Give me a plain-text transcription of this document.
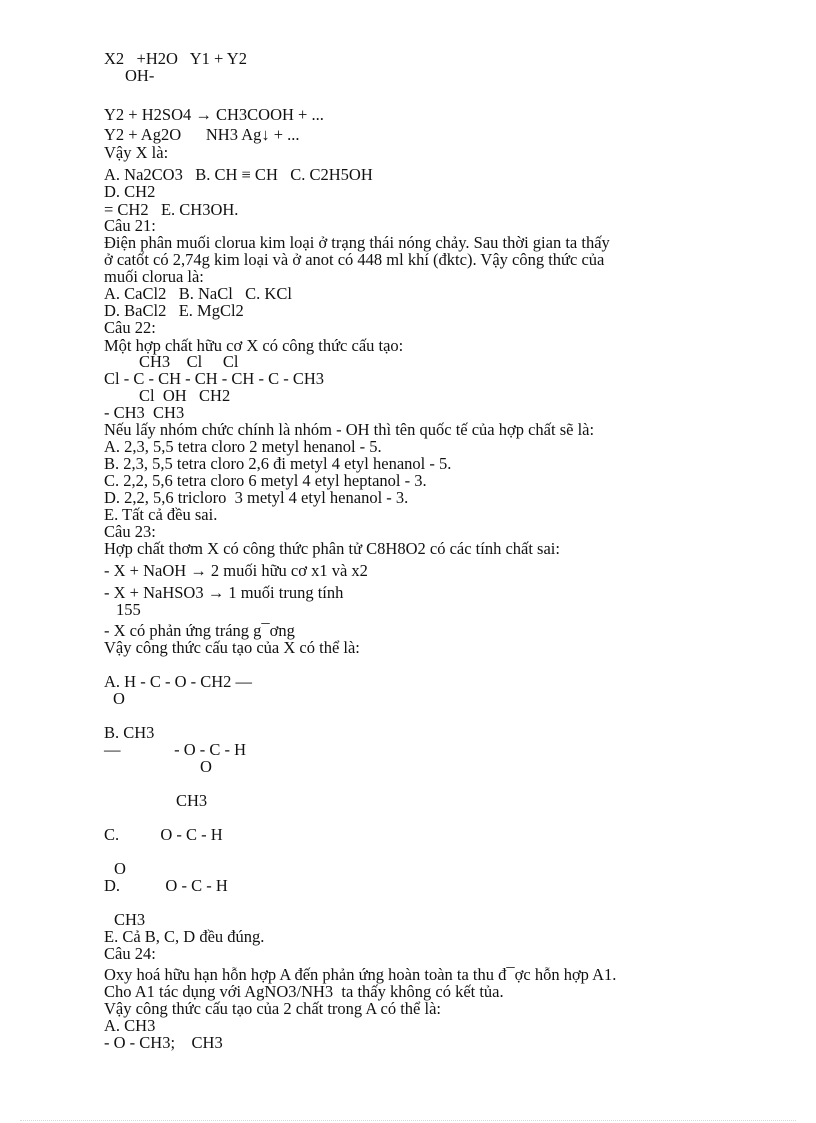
X2   +H2O   Y1 + Y2
OH-
Y2 + H2SO4 → CH3COOH + ...
Y2 + Ag2O      NH3 Ag↓ + ...
Vậy X là:
A. Na2CO3   B. CH ≡ CH   C. C2H5OH
D. CH2
= CH2   E. CH3OH.
Câu 21:
Điện phân muối clorua kim loại ở trạng thái nóng chảy. Sau thời gian ta thấy
ở catốt có 2,74g kim loại và ở anot có 448 ml khí (đktc). Vậy công thức của
muối clorua là:
A. CaCl2   B. NaCl   C. KCl
D. BaCl2   E. MgCl2
Câu 22:
Một hợp chất hữu cơ X có công thức cấu tạo:
CH3    Cl     Cl
Cl - C - CH - CH - CH - C - CH3
Cl  OH   CH2
- CH3  CH3
Nếu lấy nhóm chức chính là nhóm - OH thì tên quốc tế của hợp chất sẽ là:
A. 2,3, 5,5 tetra cloro 2 metyl henanol - 5.
B. 2,3, 5,5 tetra cloro 2,6 đi metyl 4 etyl henanol - 5.
C. 2,2, 5,6 tetra cloro 6 metyl 4 etyl heptanol - 3.
D. 2,2, 5,6 tricloro  3 metyl 4 etyl henanol - 3.
E. Tất cả đều sai.
Câu 23:
Hợp chất thơm X có công thức phân tử C8H8O2 có các tính chất sai:
- X + NaOH → 2 muối hữu cơ x1 và x2
- X + NaHSO3 → 1 muối trung tính
155
- X có phản ứng tráng g¯ơng
Vậy công thức cấu tạo của X có thể là:
A. H - C - O - CH2 —
O
B. CH3
—             - O - C - H
O
CH3
C.          O - C - H
O
D.           O - C - H
CH3
E. Cả B, C, D đều đúng.
Câu 24:
Oxy hoá hữu hạn hỗn hợp A đến phản ứng hoàn toàn ta thu đ¯ợc hỗn hợp A1.
Cho A1 tác dụng với AgNO3/NH3  ta thấy không có kết tủa.
Vậy công thức cấu tạo của 2 chất trong A có thể là:
A. CH3
- O - CH3;    CH3
